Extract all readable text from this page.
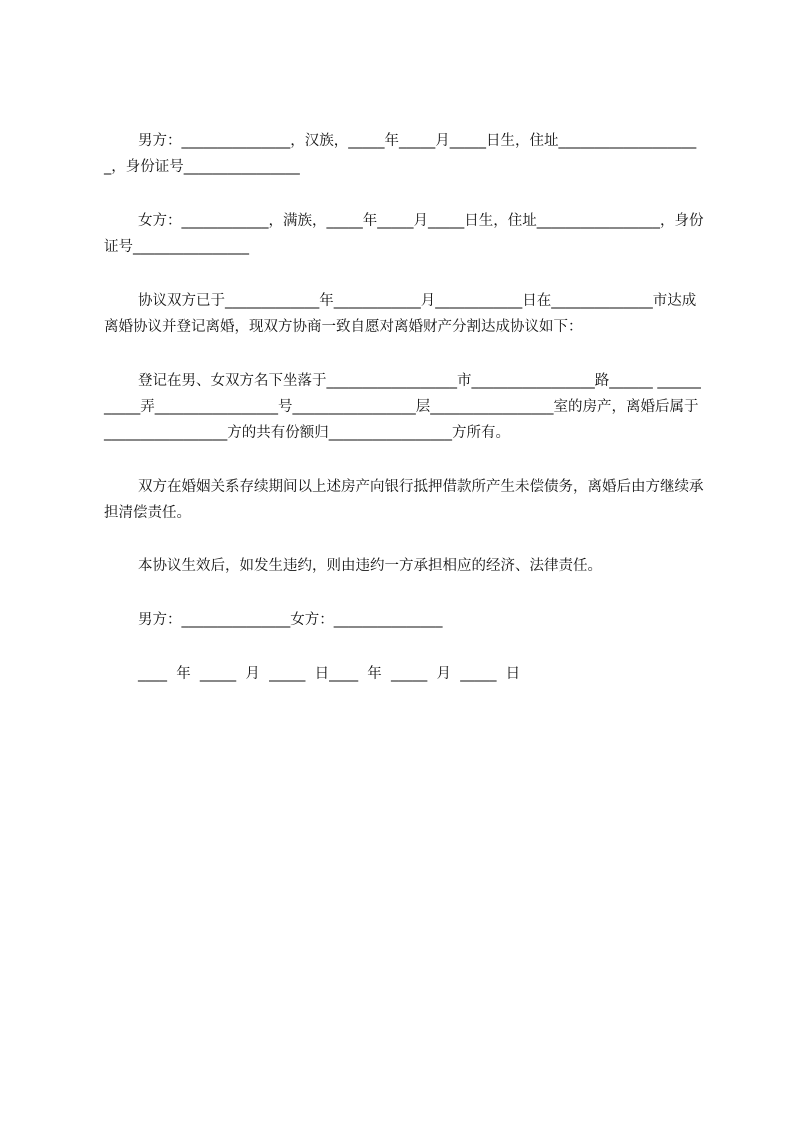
男方：_______________，汉族，_____年_____月_____日生，住址____________________，身份证号________________

女方：____________，满族，_____年_____月_____日生，住址_________________，身份证号________________

协议双方已于_____________年____________月____________日在______________市达成离婚协议并登记离婚，现双方协商一致自愿对离婚财产分割达成协议如下：

登记在男、女双方名下坐落于__________________市_________________路______ ___________弄_________________号_________________层_________________室的房产，离婚后属于_________________方的共有份额归_________________方所有。

双方在婚姻关系存续期间以上述房产向银行抵押借款所产生未偿债务，离婚后由方继续承担清偿责任。

本协议生效后，如发生违约，则由违约一方承担相应的经济、法律责任。

男方：_______________女方：_______________

____  年  _____  月  _____  日____  年  _____  月  _____  日
